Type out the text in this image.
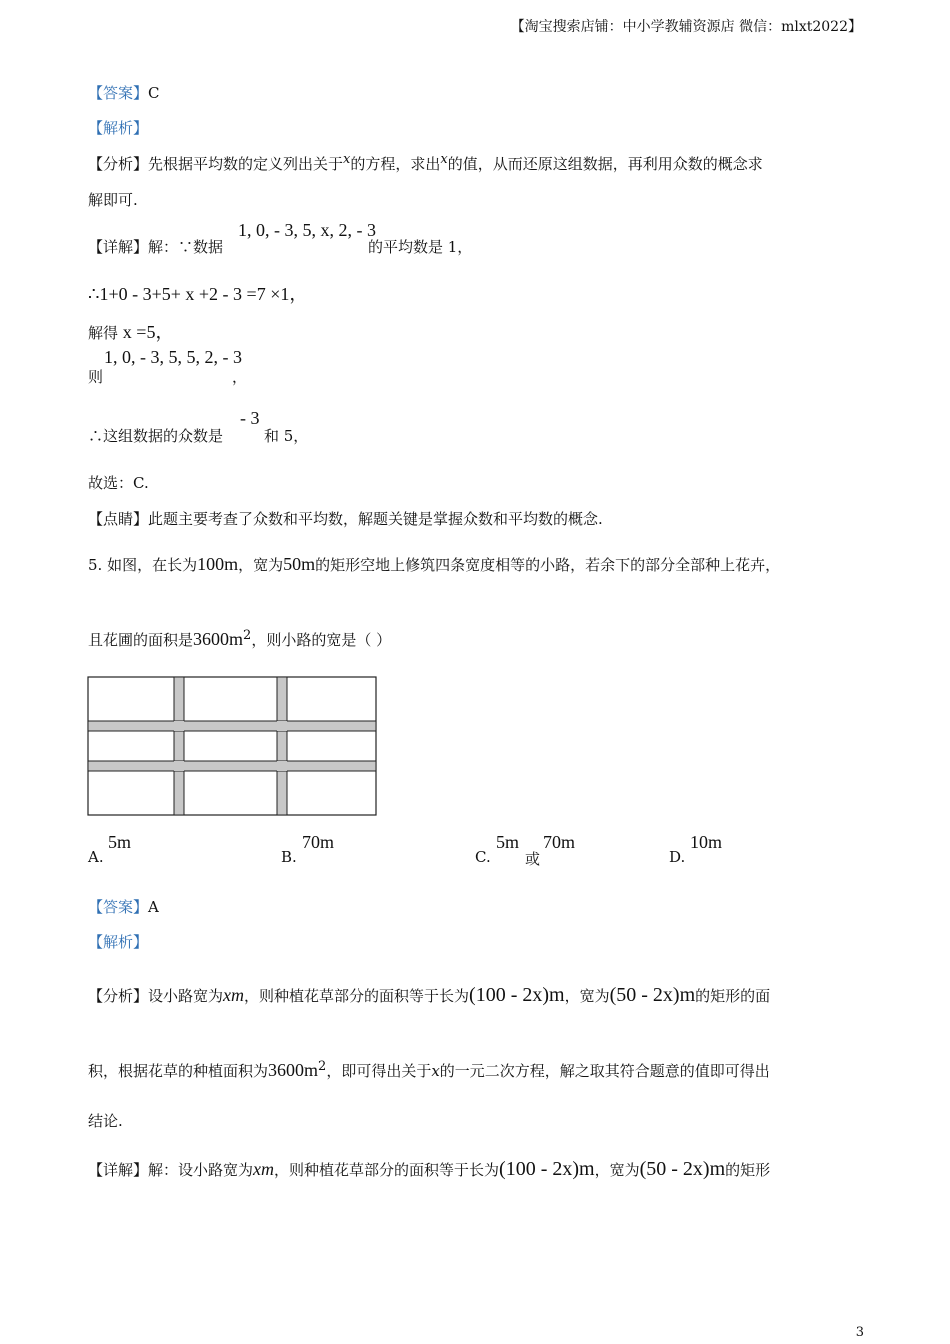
【淘宝搜索店铺：中小学教辅资源店 微信：mlxt2022】
【答案】C
【解析】
【分析】先根据平均数的定义列出关于$^x$的方程，求出$^x$的值，从而还原这组数据，再利用众数的概念求
解即可.
【详解】解：∵数据
1, 0, - 3, 5, x, 2, - 3
的平均数是 1，
∴1+0 - 3+5+ x +2 - 3 =7 ×1，
解得 x =5，
则
1, 0, - 3, 5, 5, 2, - 3
，
∴这组数据的众数是
- 3
和 5，
故选：C.
【点睛】此题主要考查了众数和平均数，解题关键是掌握众数和平均数的概念.
5. 如图，在长为100m，宽为50m的矩形空地上修筑四条宽度相等的小路，若余下的部分全部种上花卉，
且花圃的面积是$3600m^2$，则小路的宽是（ ）
A.
5m
B.
70m
C.
5m
或
70m
D.
10m
【答案】A
【解析】
【分析】设小路宽为xm，则种植花草部分的面积等于长为(100 - 2x)m，宽为(50 - 2x)m的矩形的面
积，根据花草的种植面积为$3600m^2$，即可得出关于x的一元二次方程，解之取其符合题意的值即可得出
结论.
【详解】解：设小路宽为xm，则种植花草部分的面积等于长为(100 - 2x)m，宽为(50 - 2x)m的矩形
3
